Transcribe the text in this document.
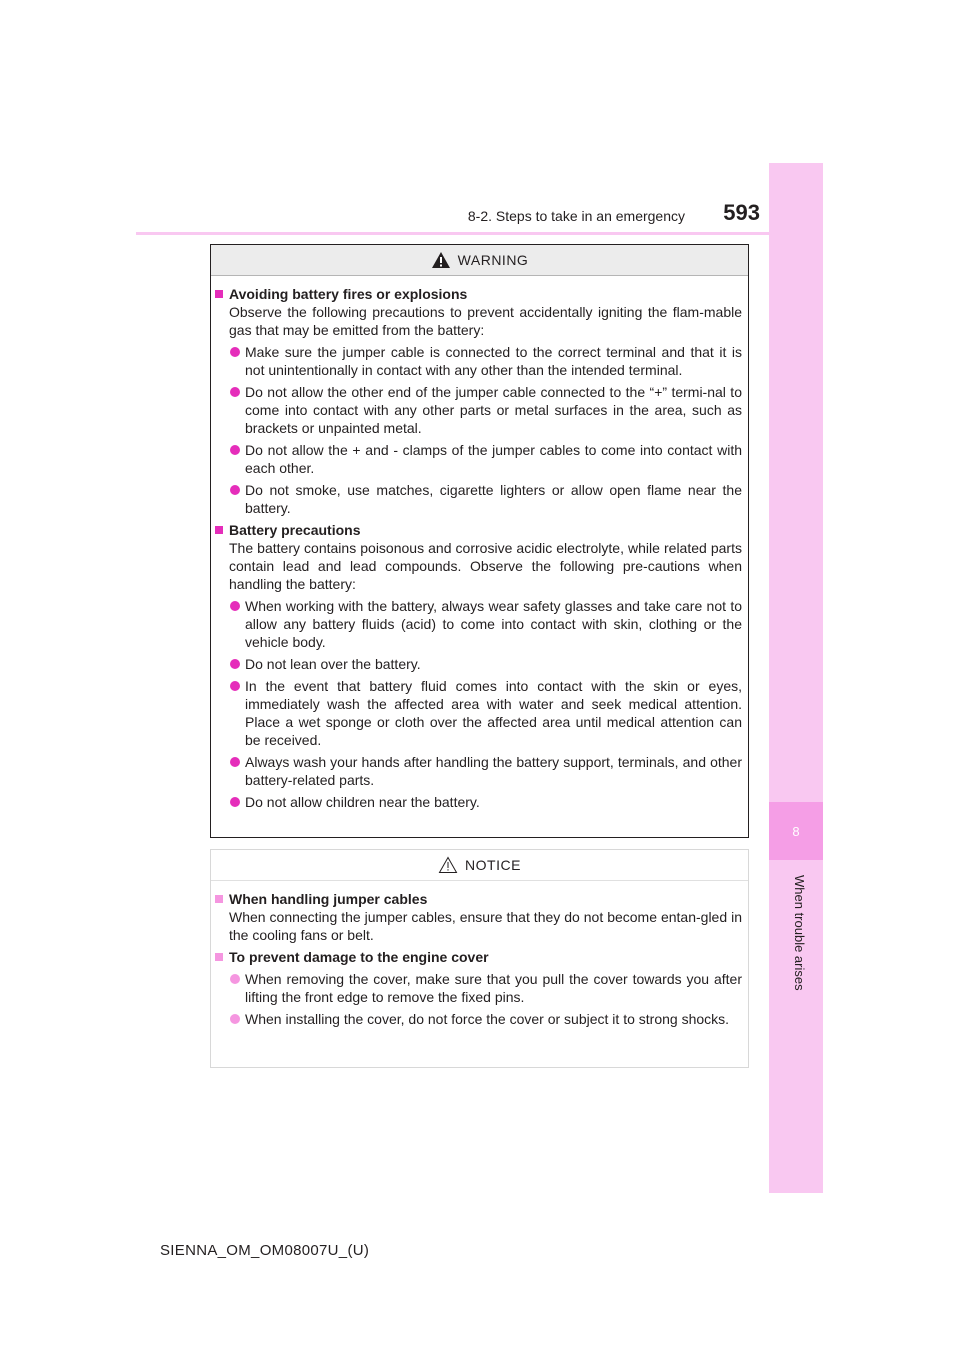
8
When trouble arises
8-2. Steps to take in an emergency	593
WARNING
Avoiding battery fires or explosions
Observe the following precautions to prevent accidentally igniting the flam-mable gas that may be emitted from the battery:
Make sure the jumper cable is connected to the correct terminal and that it is not unintentionally in contact with any other than the intended terminal.
Do not allow the other end of the jumper cable connected to the “+” termi-nal to come into contact with any other parts or metal surfaces in the area, such as brackets or unpainted metal.
Do not allow the + and - clamps of the jumper cables to come into contact with each other.
Do not smoke, use matches, cigarette lighters or allow open flame near the battery.
Battery precautions
The battery contains poisonous and corrosive acidic electrolyte, while related parts contain lead and lead compounds. Observe the following pre-cautions when handling the battery:
When working with the battery, always wear safety glasses and take care not to allow any battery fluids (acid) to come into contact with skin, clothing or the vehicle body.
Do not lean over the battery.
In the event that battery fluid comes into contact with the skin or eyes, immediately wash the affected area with water and seek medical attention. Place a wet sponge or cloth over the affected area until medical attention can be received.
Always wash your hands after handling the battery support, terminals, and other battery-related parts.
Do not allow children near the battery.
NOTICE
When handling jumper cables
When connecting the jumper cables, ensure that they do not become entan-gled in the cooling fans or belt.
To prevent damage to the engine cover
When removing the cover, make sure that you pull the cover towards you after lifting the front edge to remove the fixed pins.
When installing the cover, do not force the cover or subject it to strong shocks.
SIENNA_OM_OM08007U_(U)
